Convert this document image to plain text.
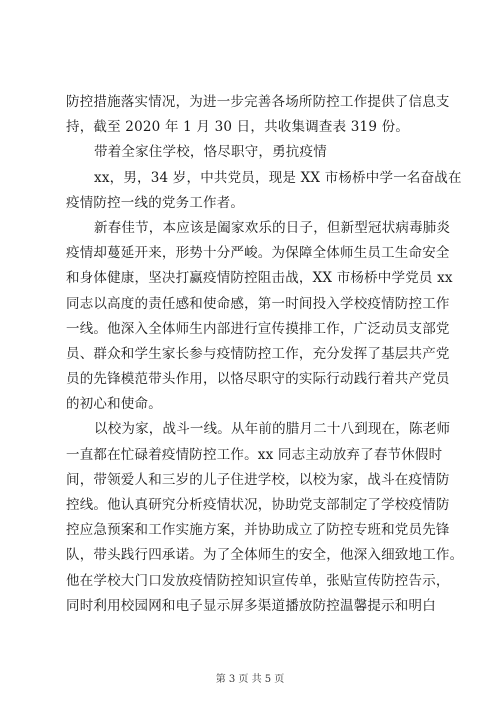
防控措施落实情况，为进一步完善各场所防控工作提供了信息支
持，截至 2020 年 1 月 30 日，共收集调查表 319 份。
带着全家住学校，恪尽职守，勇抗疫情
xx，男，34 岁，中共党员，现是 XX 市杨桥中学一名奋战在
疫情防控一线的党务工作者。
新春佳节，本应该是阖家欢乐的日子，但新型冠状病毒肺炎
疫情却蔓延开来，形势十分严峻。为保障全体师生员工生命安全
和身体健康，坚决打赢疫情防控阻击战，XX 市杨桥中学党员 xx
同志以高度的责任感和使命感，第一时间投入学校疫情防控工作
一线。他深入全体师生内部进行宣传摸排工作，广泛动员支部党
员、群众和学生家长参与疫情防控工作，充分发挥了基层共产党
员的先锋模范带头作用，以恪尽职守的实际行动践行着共产党员
的初心和使命。
以校为家，战斗一线。从年前的腊月二十八到现在，陈老师
一直都在忙碌着疫情防控工作。xx 同志主动放弃了春节休假时
间，带领爱人和三岁的儿子住进学校，以校为家，战斗在疫情防
控线。他认真研究分析疫情状况，协助党支部制定了学校疫情防
控应急预案和工作实施方案，并协助成立了防控专班和党员先锋
队，带头践行四承诺。为了全体师生的安全，他深入细致地工作。
他在学校大门口发放疫情防控知识宣传单，张贴宣传防控告示，
同时利用校园网和电子显示屏多渠道播放防控温馨提示和明白
第 3 页 共 5 页
